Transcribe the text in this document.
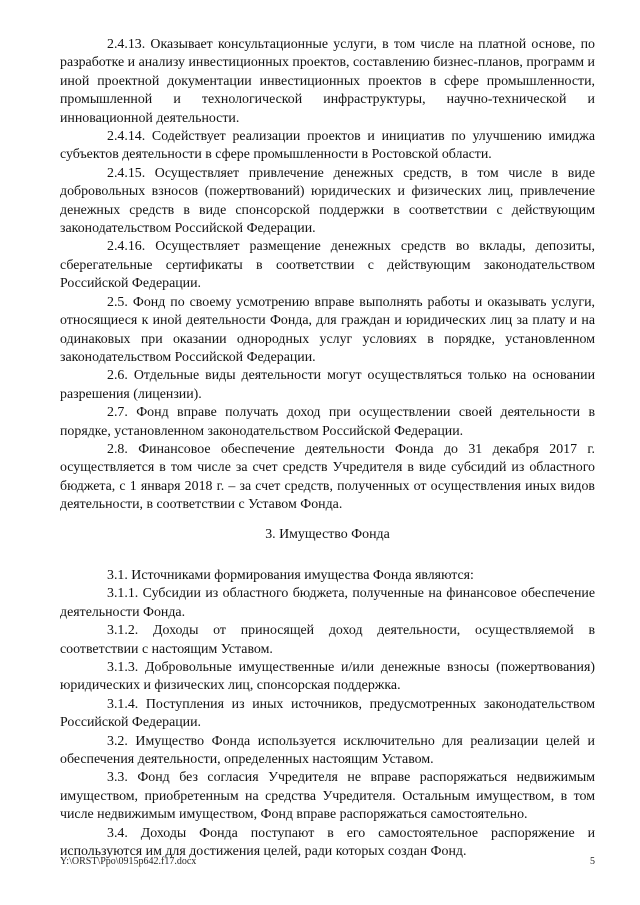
2.4.13. Оказывает консультационные услуги, в том числе на платной основе, по разработке и анализу инвестиционных проектов, составлению бизнес-планов, программ и иной проектной документации инвестиционных проектов в сфере промышленности, промышленной и технологической инфраструктуры, научно-технической и инновационной деятельности.

2.4.14. Содействует реализации проектов и инициатив по улучшению имиджа субъектов деятельности в сфере промышленности в Ростовской области.

2.4.15. Осуществляет привлечение денежных средств, в том числе в виде добровольных взносов (пожертвований) юридических и физических лиц, привлечение денежных средств в виде спонсорской поддержки в соответствии с действующим законодательством Российской Федерации.

2.4.16. Осуществляет размещение денежных средств во вклады, депозиты, сберегательные сертификаты в соответствии с действующим законодательством Российской Федерации.

2.5. Фонд по своему усмотрению вправе выполнять работы и оказывать услуги, относящиеся к иной деятельности Фонда, для граждан и юридических лиц за плату и на одинаковых при оказании однородных услуг условиях в порядке, установленном законодательством Российской Федерации.

2.6. Отдельные виды деятельности могут осуществляться только на основании разрешения (лицензии).

2.7. Фонд вправе получать доход при осуществлении своей деятельности в порядке, установленном законодательством Российской Федерации.

2.8. Финансовое обеспечение деятельности Фонда до 31 декабря 2017 г. осуществляется в том числе за счет средств Учредителя в виде субсидий из областного бюджета, с 1 января 2018 г. – за счет средств, полученных от осуществления иных видов деятельности, в соответствии с Уставом Фонда.

3. Имущество Фонда

3.1. Источниками формирования имущества Фонда являются:

3.1.1. Субсидии из областного бюджета, полученные на финансовое обеспечение деятельности Фонда.

3.1.2. Доходы от приносящей доход деятельности, осуществляемой в соответствии с настоящим Уставом.

3.1.3. Добровольные имущественные и/или денежные взносы (пожертвования) юридических и физических лиц, спонсорская поддержка.

3.1.4. Поступления из иных источников, предусмотренных законодательством Российской Федерации.

3.2. Имущество Фонда используется исключительно для реализации целей и обеспечения деятельности, определенных настоящим Уставом.

3.3. Фонд без согласия Учредителя не вправе распоряжаться недвижимым имуществом, приобретенным на средства Учредителя. Остальным имуществом, в том числе недвижимым имуществом, Фонд вправе распоряжаться самостоятельно.

3.4. Доходы Фонда поступают в его самостоятельное распоряжение и используются им для достижения целей, ради которых создан Фонд.

Y:\ORST\Ppo\0915p642.f17.docx	5
